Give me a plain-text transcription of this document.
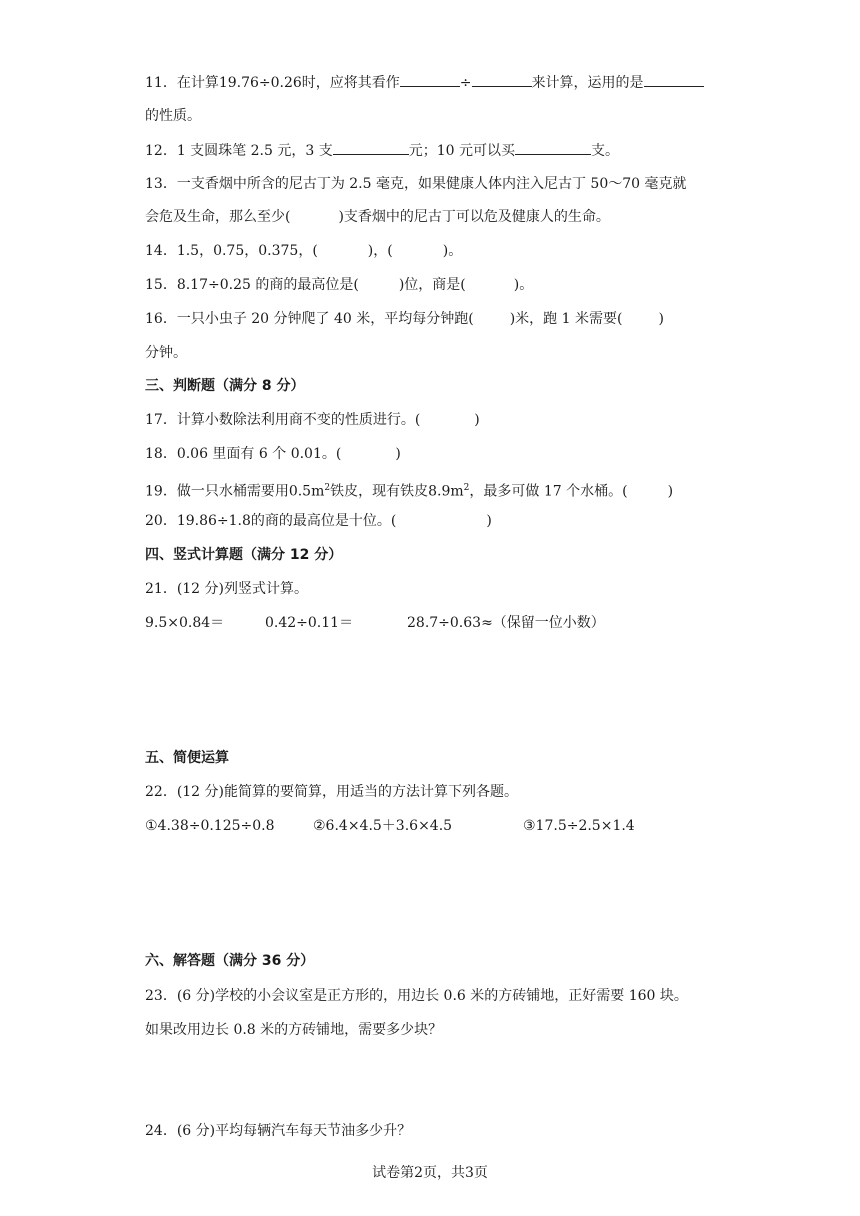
11．在计算19.76÷0.26时，应将其看作	÷	来计算，运用的是
的性质。
12．1 支圆珠笔 2.5 元，3 支	元；10 元可以买	支。
13．一支香烟中所含的尼古丁为 2.5 毫克，如果健康人体内注入尼古丁 50～70 毫克就
会危及生命，那么至少(	)支香烟中的尼古丁可以危及健康人的生命。
14．1.5，0.75，0.375，(	)，(	)。
15．8.17÷0.25 的商的最高位是(	)位，商是(	)。
16．一只小虫子 20 分钟爬了 40 米，平均每分钟跑(	)米，跑 1 米需要(	)
分钟。
三、判断题（满分 8 分）
17．计算小数除法利用商不变的性质进行。(	)
18．0.06 里面有 6 个 0.01。(	)
19．做一只水桶需要用$0.5m^2$铁皮，现有铁皮$8.9m^2$，最多可做 17 个水桶。(	)
20．19.86÷1.8的商的最高位是十位。(	)
四、竖式计算题（满分 12 分）
21．(12 分)列竖式计算。
9.5×0.84＝	0.42÷0.11＝	28.7÷0.63≈（保留一位小数）
五、简便运算
22．(12 分)能简算的要简算，用适当的方法计算下列各题。
①4.38÷0.125÷0.8	②6.4×4.5＋3.6×4.5	③17.5÷2.5×1.4
六、解答题（满分 36 分）
23．(6 分)学校的小会议室是正方形的，用边长 0.6 米的方砖铺地，正好需要 160 块。
如果改用边长 0.8 米的方砖铺地，需要多少块？
24．(6 分)平均每辆汽车每天节油多少升？
试卷第2页，共3页
